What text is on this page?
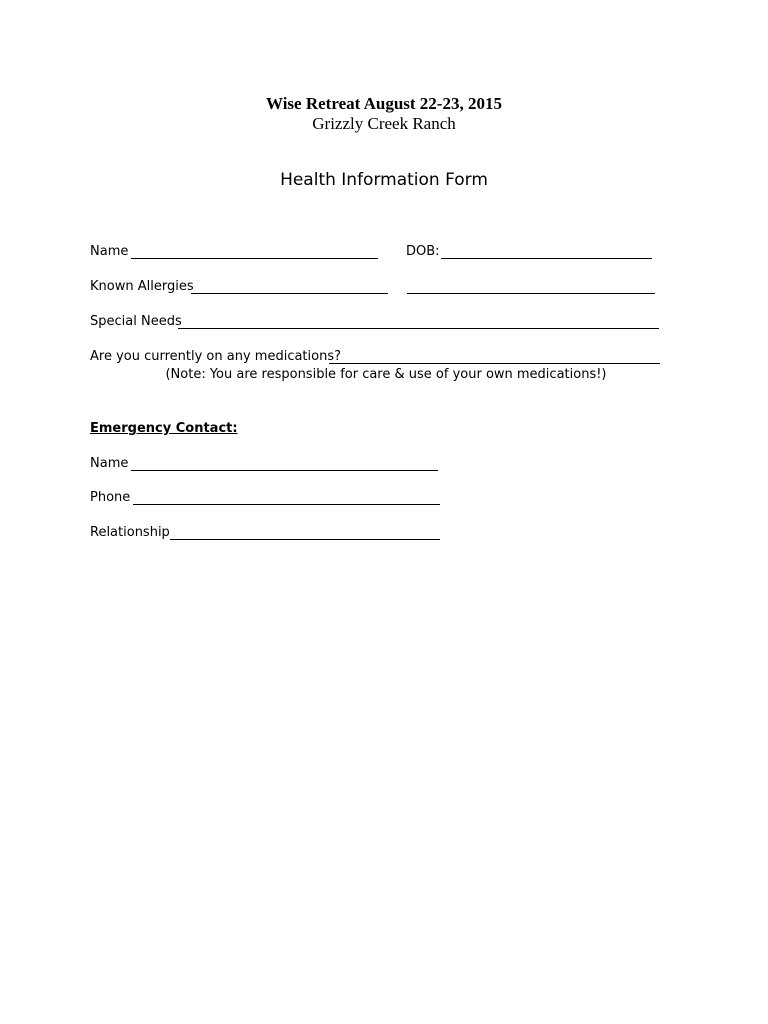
Wise Retreat August 22-23, 2015
Grizzly Creek Ranch
Health Information Form
Name	DOB:
Known Allergies
Special Needs
Are you currently on any medications?
(Note: You are responsible for care & use of your own medications!)
Emergency Contact:
Name
Phone
Relationship
